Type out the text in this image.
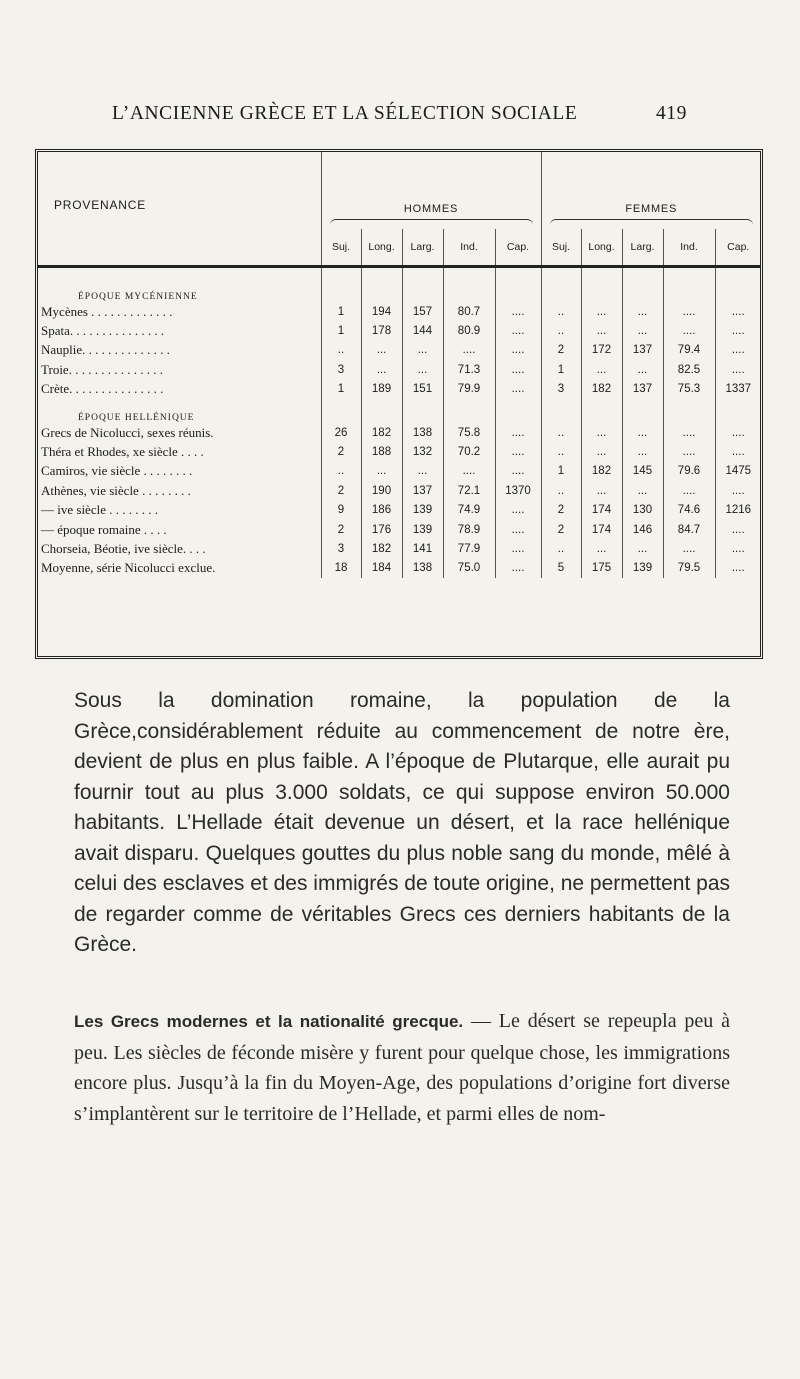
L’ANCIENNE GRÈCE ET LA SÉLECTION SOCIALE	419
PROVENANCE	HOMMES					FEMMES				

	Suj.	Long.	Larg.	Ind.	Cap.	Suj.	Long.	Larg.	Ind.	Cap.

ÉPOQUE MYCÉNIENNE										
Mycènes . . . . . . . . . . . . .	1	194	157	80.7	....	..	...	...	....	....
Spata. . . . . . . . . . . . . . .	1	178	144	80.9	....	..	...	...	....	....
Nauplie. . . . . . . . . . . . . .	..	...	...	....	....	2	172	137	79.4	....
Troie. . . . . . . . . . . . . . .	3	...	...	71.3	....	1	...	...	82.5	....
Crète. . . . . . . . . . . . . . .	1	189	151	79.9	....	3	182	137	75.3	1337
ÉPOQUE HELLÉNIQUE										
Grecs de Nicolucci, sexes réunis.	26	182	138	75.8	....	..	...	...	....	....
Théra et Rhodes, xe siècle . . . .	2	188	132	70.2	....	..	...	...	....	....
Camiros, vie siècle . . . . . . . .	..	...	...	....	....	1	182	145	79.6	1475
Athènes, vie siècle . . . . . . . .	2	190	137	72.1	1370	..	...	...	....	....
— ive siècle . . . . . . . .	9	186	139	74.9	....	2	174	130	74.6	1216
— époque romaine . . . .	2	176	139	78.9	....	2	174	146	84.7	....
Chorseia, Béotie, ive siècle. . . .	3	182	141	77.9	....	..	...	...	....	....
Moyenne, série Nicolucci exclue.	18	184	138	75.0	....	5	175	139	79.5	....

Sous la domination romaine, la population de la Grèce,considérablement réduite au commencement de notre ère, devient de plus en plus faible. A l’époque de Plutarque, elle aurait pu fournir tout au plus 3.000 soldats, ce qui suppose environ 50.000 habitants. L’Hellade était devenue un désert, et la race hellénique avait disparu. Quelques gouttes du plus noble sang du monde, mêlé à celui des esclaves et des immigrés de toute origine, ne permettent pas de regarder comme de véritables Grecs ces derniers habitants de la Grèce.

Les Grecs modernes et la nationalité grecque. — Le désert se repeupla peu à peu. Les siècles de féconde misère y furent pour quelque chose, les immigrations encore plus. Jusqu’à la fin du Moyen-Age, des populations d’origine fort diverse s’implantèrent sur le territoire de l’Hellade, et parmi elles de nom-
